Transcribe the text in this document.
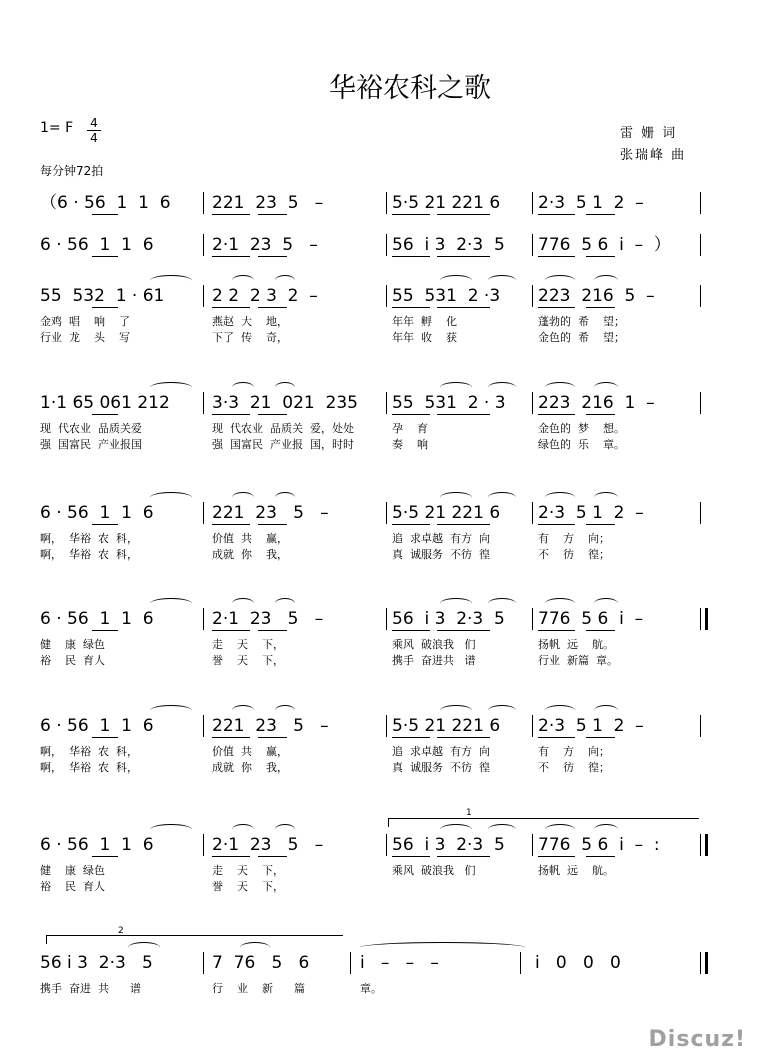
华裕农科之歌
1= F 4
4
每分钟72拍
雷 姗 词
张瑞峰 曲
（6 · 56  1  1  6 221  23  5   –	5·5 21 221 6 2·3  5 1  2  –
6 · 56  1  1  6	2·1  23  5   –	56  i 3  2·3  5 776  5 6  i  –  ）
55  532  1 · 61	2 2  2 3  2  –	55  531  2 ·3 223  216  5  –
金鸡  唱    响    了	燕赵  大    地，	年年  孵    化	蓬勃的  希    望；
行业  龙    头    写	下了  传    奇，	年年  收    获	金色的  希    望；
1·1 65 061 212 3·3  21  021  235 55  531  2 · 3 223  216  1  –
现  代农业  品质关爱	现  代农业  品质关  爱，处处	孕    育	金色的  梦    想。
强  国富民  产业报国	强  国富民  产业报  国，时时	奏    响	绿色的  乐    章。
6 · 56  1  1  6	221  23   5   –	5·5 21 221 6 2·3  5 1  2  –
啊，  华裕  农  科，	价值  共    赢，	追  求卓越  有方  向	有    方    向；
啊，  华裕  农  科，	成就  你    我，	真  诚服务  不彷  徨	不    彷    徨；
6 · 56  1  1  6	2·1  23   5   –	56  i 3  2·3  5 776  5 6  i  –
健    康  绿色	走    天    下，	乘风  破浪我   们	扬帆  远    航。
裕    民  育人	誉    天    下，	携手  奋进共   谱	行业  新篇  章。
6 · 56  1  1  6	221  23   5   –	5·5 21 221 6 2·3  5 1  2  –
啊，  华裕  农  科，	价值  共    赢，	追  求卓越  有方  向	有    方    向；
啊，  华裕  农  科，	成就  你    我，	真  诚服务  不彷  徨	不    彷    徨；
6 · 56  1  1  6	2·1  23   5   –	56  i 3  2·3  5 776  5 6  i  –  :
健    康  绿色	走    天    下，	乘风  破浪我   们	扬帆  远    航。
裕    民  育人	誉    天    下，
56 i 3  2·3   5	7  76   5   6	i   –   –   –	i   0   0   0
携手  奋进  共      谱	行    业    新      篇	章。
1
2
Discuz!
